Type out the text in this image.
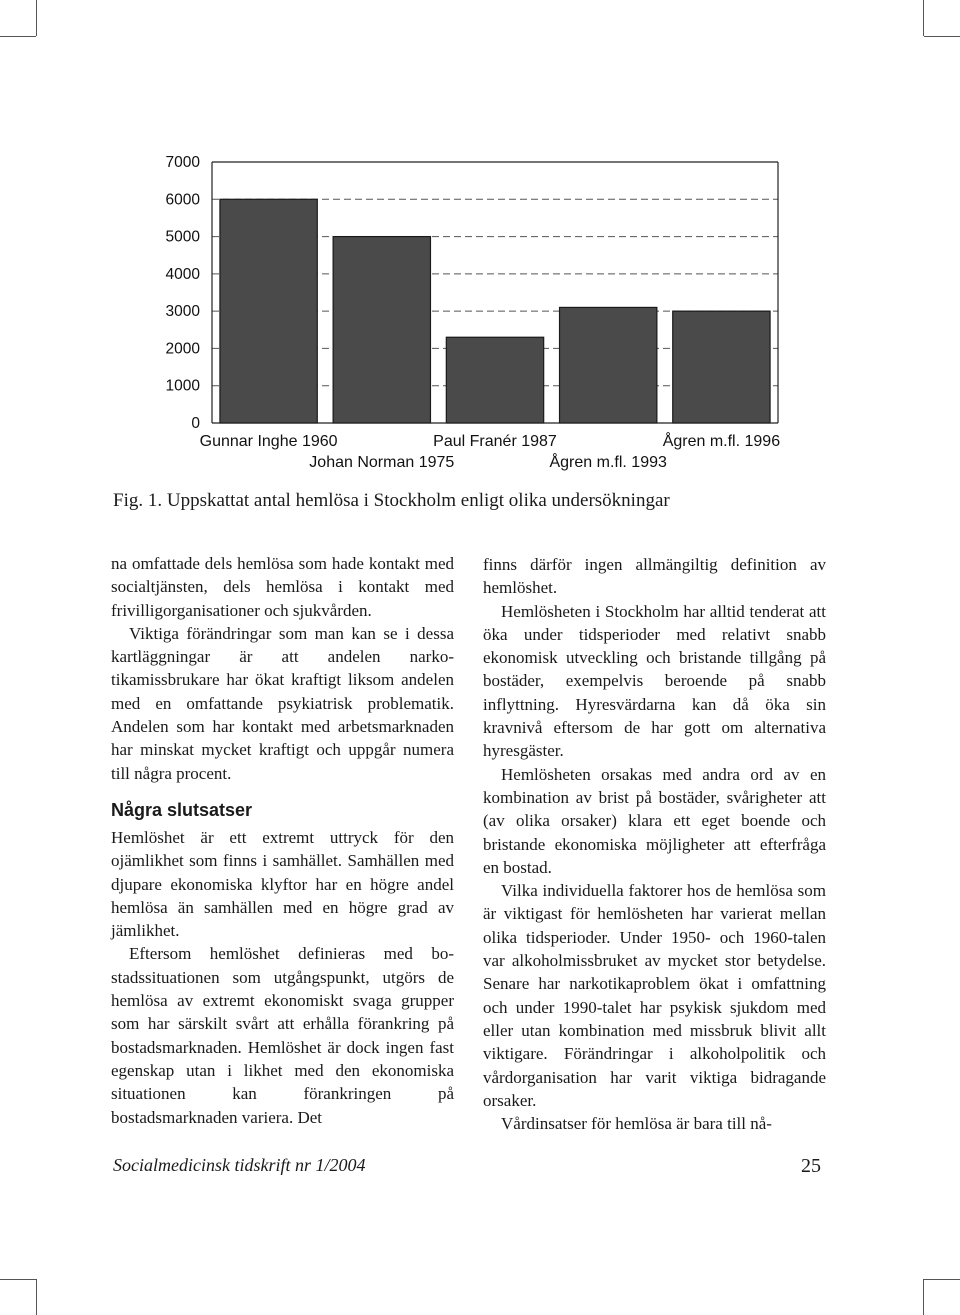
0
1000
2000
3000
4000
5000
6000
7000
Gunnar Inghe 1960
Johan Norman 1975
Paul Franér 1987
Ågren m.fl. 1993
Ågren m.fl. 1996
Fig. 1. Uppskattat antal hemlösa i Stockholm enligt olika undersökningar

na omfattade dels hemlösa som hade kontakt med socialtjänsten, dels hemlösa i kontakt med frivilligorganisationer och sjukvården.

Viktiga förändringar som man kan se i dessa kartläggningar är att andelen narkotikamissbrukare har ökat kraftigt liksom andelen med en omfattande psykiatrisk problematik. Andelen som har kontakt med arbetsmarknaden har minskat mycket kraftigt och uppgår numera till några procent.

Några slutsatser

Hemlöshet är ett extremt uttryck för den ojämlikhet som finns i samhället. Samhällen med djupare ekonomiska klyftor har en högre andel hemlösa än samhällen med en högre grad av jämlikhet.

Eftersom hemlöshet definieras med bostadssituationen som utgångspunkt, utgörs de hemlösa av extremt ekonomiskt svaga grupper som har särskilt svårt att erhålla förankring på bostadsmarknaden. Hemlöshet är dock ingen fast egenskap utan i likhet med den ekonomiska situationen kan förankringen på bostadsmarknaden variera. Det

finns därför ingen allmängiltig definition av hemlöshet.

Hemlösheten i Stockholm har alltid tenderat att öka under tidsperioder med relativt snabb ekonomisk utveckling och bristande tillgång på bostäder, exempelvis beroende på snabb inflyttning. Hyresvärdarna kan då öka sin kravnivå eftersom de har gott om alternativa hyresgäster.

Hemlösheten orsakas med andra ord av en kombination av brist på bostäder, svårigheter att (av olika orsaker) klara ett eget boende och bristande ekonomiska möjligheter att efterfråga en bostad.

Vilka individuella faktorer hos de hemlösa som är viktigast för hemlösheten har varierat mellan olika tidsperioder. Under 1950- och 1960-talen var alkoholmissbruket av mycket stor betydelse. Senare har narkotikaproblem ökat i omfattning och under 1990-talet har psykisk sjukdom med eller utan kombination med missbruk blivit allt viktigare. Förändringar i alkoholpolitik och vårdorganisation har varit viktiga bidragande orsaker.

Vårdinsatser för hemlösa är bara till nå-

Socialmedicinsk tidskrift nr 1/2004	25
